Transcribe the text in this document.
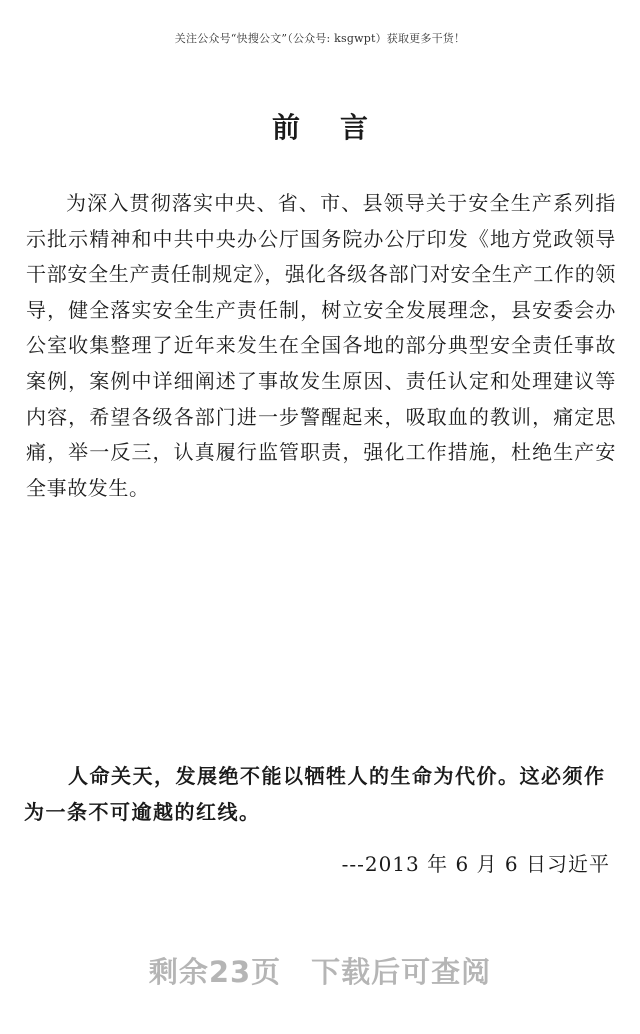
关注公众号“快搜公文”（公众号: ksgwpt）获取更多干货！
前言

为深入贯彻落实中央、省、市、县领导关于安全生产系列指示批示精神和中共中央办公厅国务院办公厅印发《地方党政领导干部安全生产责任制规定》，强化各级各部门对安全生产工作的领导，健全落实安全生产责任制，树立安全发展理念，县安委会办公室收集整理了近年来发生在全国各地的部分典型安全责任事故案例，案例中详细阐述了事故发生原因、责任认定和处理建议等内容，希望各级各部门进一步警醒起来，吸取血的教训，痛定思痛，举一反三，认真履行监管职责，强化工作措施，杜绝生产安全事故发生。

人命关天，发展绝不能以牺牲人的生命为代价。这必须作为一条不可逾越的红线。

---2013 年 6 月 6 日习近平
剩余23页 下载后可查阅
